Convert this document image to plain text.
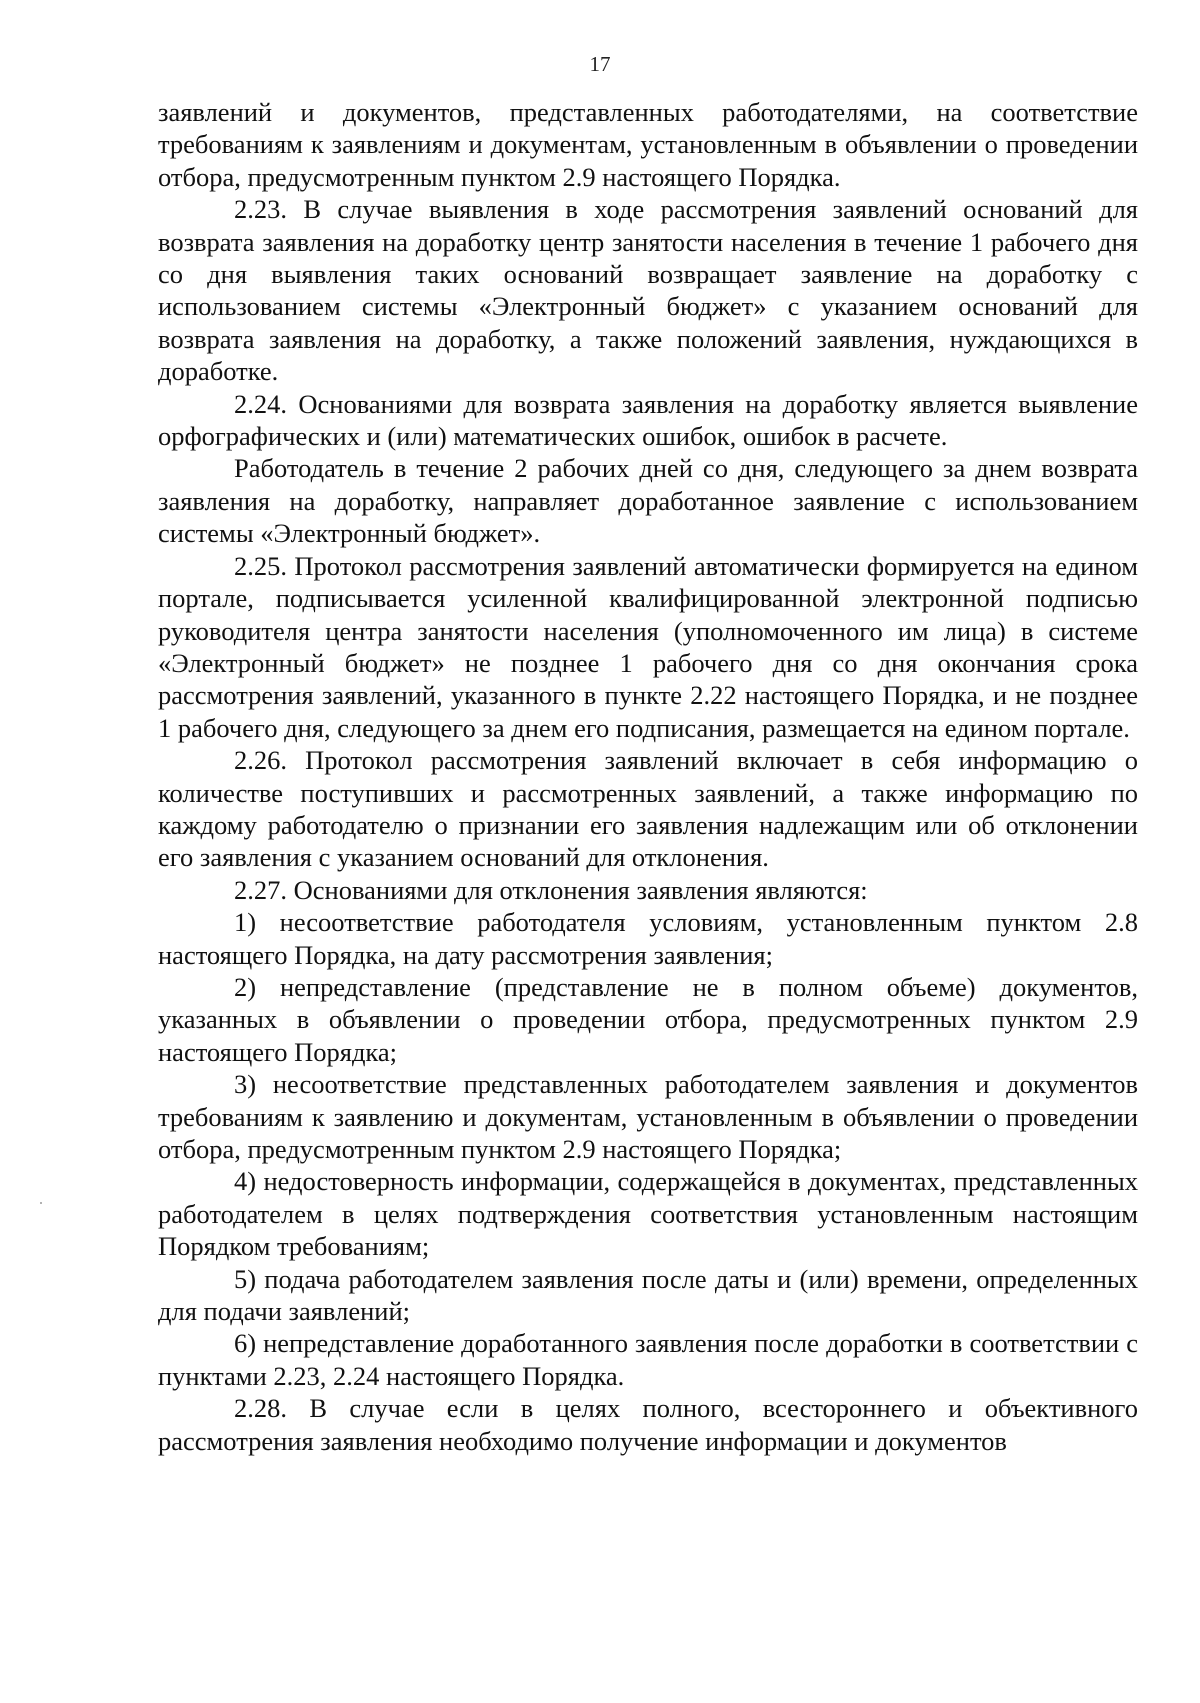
17

заявлений и документов, представленных работодателями, на соответствие требованиям к заявлениям и документам, установленным в объявлении о проведении отбора, предусмотренным пунктом 2.9 настоящего Порядка.

2.23. В случае выявления в ходе рассмотрения заявлений оснований для возврата заявления на доработку центр занятости населения в течение 1 рабочего дня со дня выявления таких оснований возвращает заявление на доработку с использованием системы «Электронный бюджет» с указанием оснований для возврата заявления на доработку, а также положений заявления, нуждающихся в доработке.

2.24. Основаниями для возврата заявления на доработку является выявление орфографических и (или) математических ошибок, ошибок в расчете.

Работодатель в течение 2 рабочих дней со дня, следующего за днем возврата заявления на доработку, направляет доработанное заявление с использованием системы «Электронный бюджет».

2.25. Протокол рассмотрения заявлений автоматически формируется на едином портале, подписывается усиленной квалифицированной электронной подписью руководителя центра занятости населения (уполномоченного им лица) в системе «Электронный бюджет» не позднее 1 рабочего дня со дня окончания срока рассмотрения заявлений, указанного в пункте 2.22 настоящего Порядка, и не позднее 1 рабочего дня, следующего за днем его подписания, размещается на едином портале.

2.26. Протокол рассмотрения заявлений включает в себя информацию о количестве поступивших и рассмотренных заявлений, а также информацию по каждому работодателю о признании его заявления надлежащим или об отклонении его заявления с указанием оснований для отклонения.

2.27. Основаниями для отклонения заявления являются:

1) несоответствие работодателя условиям, установленным пунктом 2.8 настоящего Порядка, на дату рассмотрения заявления;

2) непредставление (представление не в полном объеме) документов, указанных в объявлении о проведении отбора, предусмотренных пунктом 2.9 настоящего Порядка;

3) несоответствие представленных работодателем заявления и документов требованиям к заявлению и документам, установленным в объявлении о проведении отбора, предусмотренным пунктом 2.9 настоящего Порядка;

4) недостоверность информации, содержащейся в документах, представленных работодателем в целях подтверждения соответствия установленным настоящим Порядком требованиям;

5) подача работодателем заявления после даты и (или) времени, определенных для подачи заявлений;

6) непредставление доработанного заявления после доработки в соответствии с пунктами 2.23, 2.24 настоящего Порядка.

2.28. В случае если в целях полного, всестороннего и объективного рассмотрения заявления необходимо получение информации и документов
